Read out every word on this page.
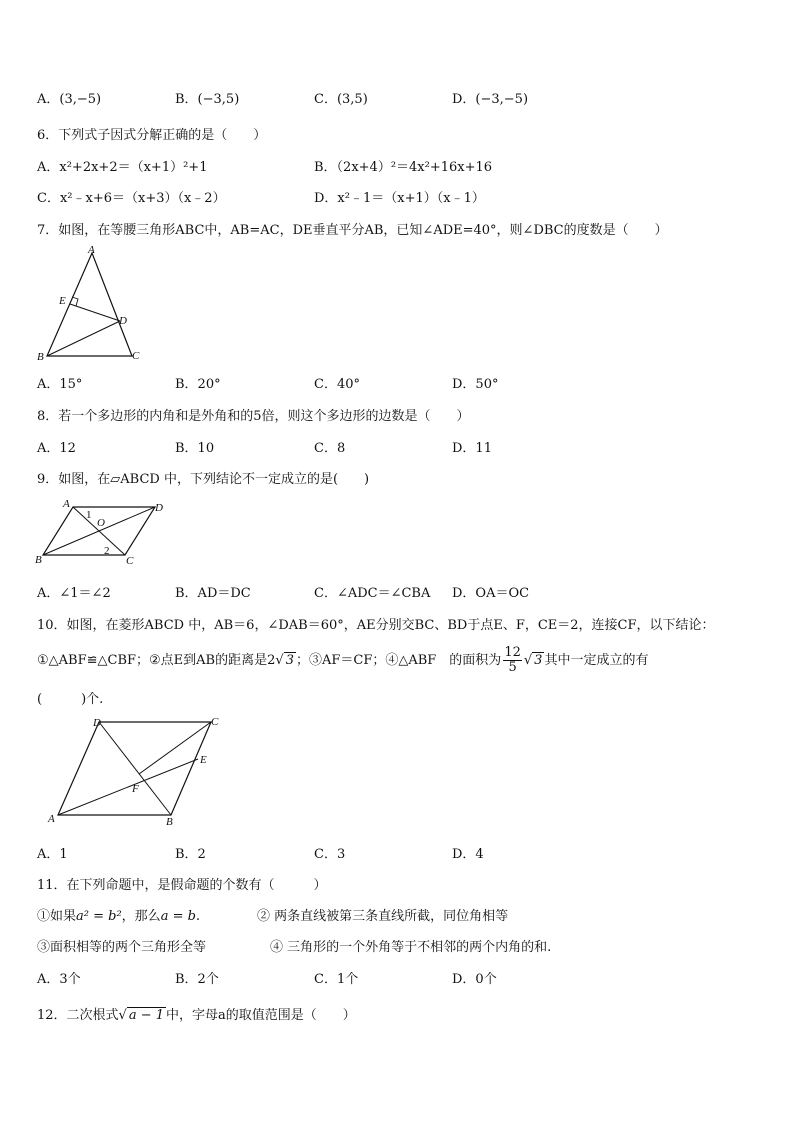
A．(3,−5)	B．(−3,5)	C．(3,5)	D．(−3,−5)
6．下列式子因式分解正确的是（　　）
A．x²+2x+2＝（x+1）²+1	B．（2x+4）²＝4x²+16x+16
C．x²﹣x+6＝（x+3）（x﹣2）	D．x²﹣1＝（x+1）（x﹣1）
7．如图，在等腰三角形ABC中，AB=AC，DE垂直平分AB，已知∠ADE=40°，则∠DBC的度数是（　　）
A
B	C
D
E
A．15°	B．20°	C．40°	D．50°
8．若一个多边形的内角和是外角和的5倍，则这个多边形的边数是（　　）
A．12	B．10	C．8	D．11
9．如图，在▱ABCD 中，下列结论不一定成立的是(　　)
A	D
B	C
O
1
2
A．∠1＝∠2	B．AD＝DC	C．∠ADC＝∠CBA D．OA＝OC
10．如图，在菱形ABCD 中，AB＝6，∠DAB＝60°，AE分别交BC、BD于点E、F，CE＝2，连接CF，以下结论：
①△ABF≌△CBF；②点E到AB的距离是2√ 3 ；③AF＝CF；④△ABF　的面积为 $\frac{12}{5}$ √ 3 其中一定成立的有
(　　　)个.
A	B
C
D
E
F
A．1	B．2	C．3	D．4
11．在下列命题中，是假命题的个数有（　　　）
①如果a² = b²，那么a = b.	② 两条直线被第三条直线所截，同位角相等
③面积相等的两个三角形全等	④ 三角形的一个外角等于不相邻的两个内角的和.
A．3个	B．2个	C．1个	D．0个
12．二次根式√ a − 1 中，字母a的取值范围是（　　）
